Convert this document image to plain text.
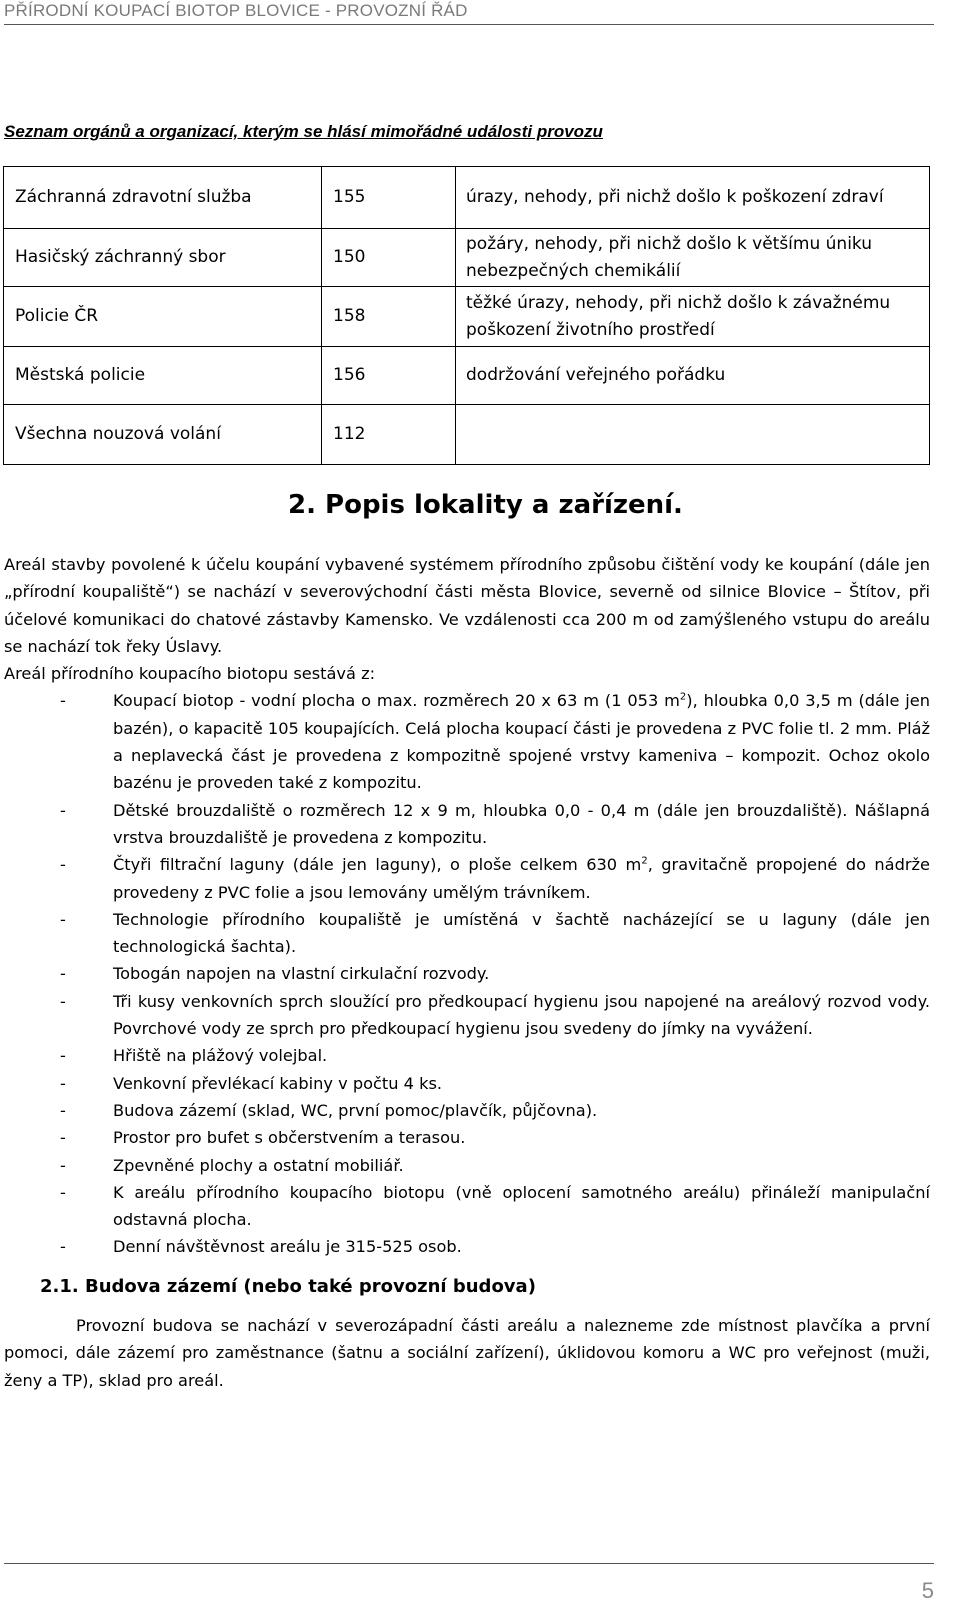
PŘÍRODNÍ KOUPACÍ BIOTOP BLOVICE - PROVOZNÍ ŘÁD
Seznam orgánů a organizací, kterým se hlásí mimořádné události provozu
Záchranná zdravotní služba	155	úrazy, nehody, při nichž došlo k poškození zdraví
Hasičský záchranný sbor	150	požáry, nehody, při nichž došlo k většímu úniku nebezpečných chemikálií
Policie ČR	158	těžké úrazy, nehody, při nichž došlo k závažnému poškození životního prostředí
Městská policie	156	dodržování veřejného pořádku
Všechna nouzová volání	112	
2. Popis lokality a zařízení.

Areál stavby povolené k účelu koupání vybavené systémem přírodního způsobu čištění vody ke koupání (dále jen „přírodní koupaliště“) se nachází v severovýchodní části města Blovice, severně od silnice Blovice – Štítov, při účelové komunikaci do chatové zástavby Kamensko. Ve vzdálenosti cca 200 m od zamýšleného vstupu do areálu se nachází tok řeky Úslavy.

Areál přírodního koupacího biotopu sestává z:

-	Koupací biotop - vodní plocha o max. rozměrech 20 x 63 m (1 053 $m^2$), hloubka 0,0 3,5 m (dále jen bazén), o kapacitě 105 koupajících. Celá plocha koupací části je provedena z PVC folie tl. 2 mm. Pláž a neplavecká část je provedena z kompozitně spojené vrstvy kameniva – kompozit. Ochoz okolo bazénu je proveden také z kompozitu.
-	Dětské brouzdaliště o rozměrech 12 x 9 m, hloubka 0,0 - 0,4 m (dále jen brouzdaliště). Nášlapná vrstva brouzdaliště je provedena z kompozitu.
-	Čtyři filtrační laguny (dále jen laguny), o ploše celkem 630 $m^2$, gravitačně propojené do nádrže provedeny z PVC folie a jsou lemovány umělým trávníkem.
-	Technologie přírodního koupaliště je umístěná v šachtě nacházející se u laguny (dále jen technologická šachta).
-	Tobogán napojen na vlastní cirkulační rozvody.
-	Tři kusy venkovních sprch sloužící pro předkoupací hygienu jsou napojené na areálový rozvod vody. Povrchové vody ze sprch pro předkoupací hygienu jsou svedeny do jímky na vyvážení.
-	Hřiště na plážový volejbal.
-	Venkovní převlékací kabiny v počtu 4 ks.
-	Budova zázemí (sklad, WC, první pomoc/plavčík, půjčovna).
-	Prostor pro bufet s občerstvením a terasou.
-	Zpevněné plochy a ostatní mobiliář.
-	K areálu přírodního koupacího biotopu (vně oplocení samotného areálu) přináleží manipulační odstavná plocha.
-	Denní návštěvnost areálu je 315-525 osob.
2.1. Budova zázemí (nebo také provozní budova)

Provozní budova se nachází v severozápadní části areálu a nalezneme zde místnost plavčíka a první pomoci, dále zázemí pro zaměstnance (šatnu a sociální zařízení), úklidovou komoru a WC pro veřejnost (muži, ženy a TP), sklad pro areál.

5
